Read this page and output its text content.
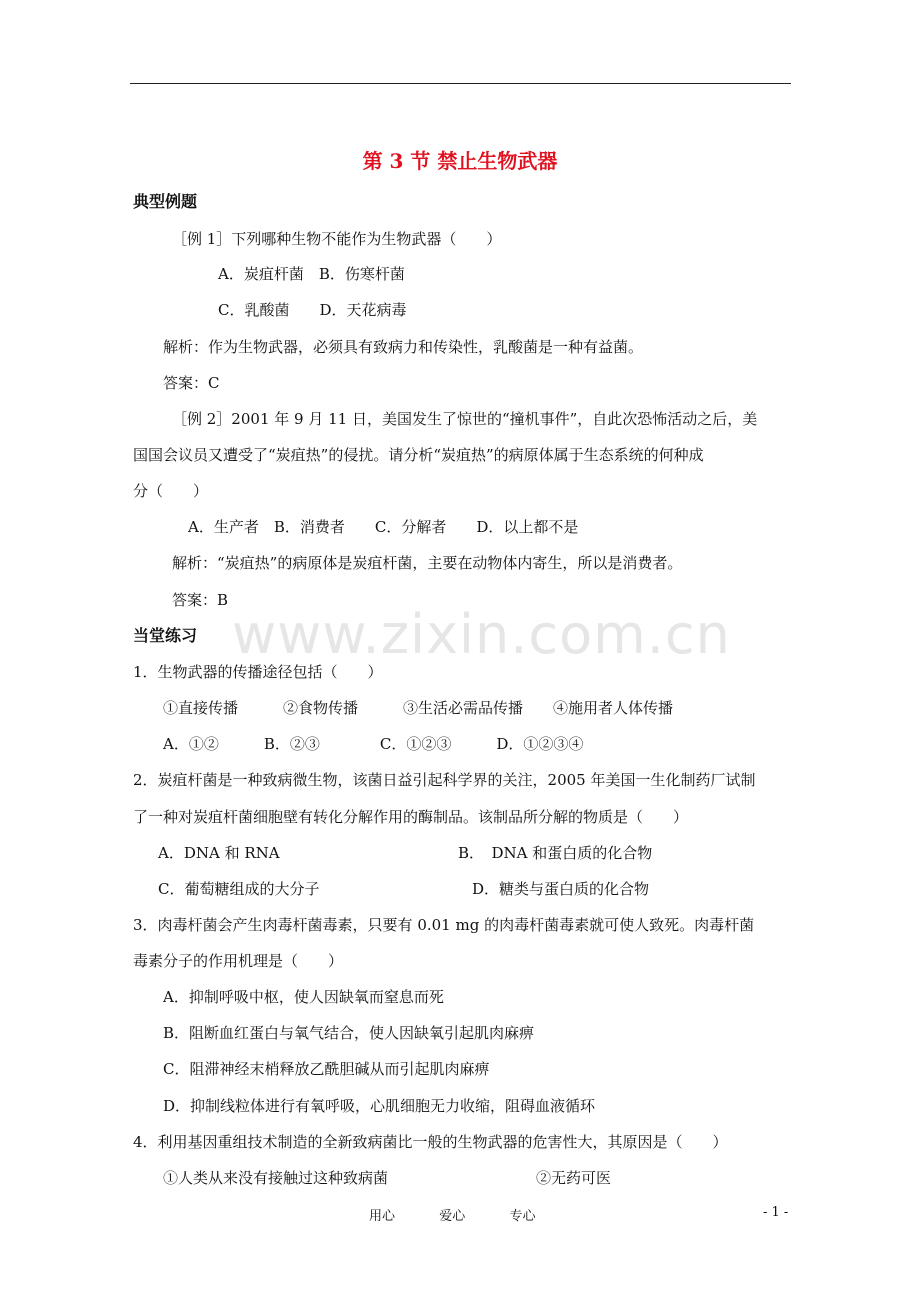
www.zixin.com.cn
第 3 节 禁止生物武器
典型例题
［例 1］下列哪种生物不能作为生物武器（　　）
A．炭疽杆菌　B．伤寒杆菌
C．乳酸菌　　D．天花病毒
解析：作为生物武器，必须具有致病力和传染性，乳酸菌是一种有益菌。
答案：C
［例 2］2001 年 9 月 11 日，美国发生了惊世的“撞机事件”，自此次恐怖活动之后，美
国国会议员又遭受了“炭疽热”的侵扰。请分析“炭疽热”的病原体属于生态系统的何种成
分（　　）
A．生产者　B．消费者　　C．分解者　　D．以上都不是
解析：“炭疽热”的病原体是炭疽杆菌，主要在动物体内寄生，所以是消费者。
答案：B
当堂练习
1．生物武器的传播途径包括（　　）
①直接传播　　　②食物传播　　　③生活必需品传播　　④施用者人体传播
A．①②　　　B．②③　　　　C．①②③　　　D．①②③④
2．炭疽杆菌是一种致病微生物，该菌日益引起科学界的关注，2005 年美国一生化制药厂试制
了一种对炭疽杆菌细胞壁有转化分解作用的酶制品。该制品所分解的物质是（　　）
A．DNA 和 RNA	B．　DNA 和蛋白质的化合物
C．葡萄糖组成的大分子	D．糖类与蛋白质的化合物
3．肉毒杆菌会产生肉毒杆菌毒素，只要有 0.01 mg 的肉毒杆菌毒素就可使人致死。肉毒杆菌
毒素分子的作用机理是（　　）
A．抑制呼吸中枢，使人因缺氧而窒息而死
B．阻断血红蛋白与氧气结合，使人因缺氧引起肌肉麻痹
C．阻滞神经末梢释放乙酰胆碱从而引起肌肉麻痹
D．抑制线粒体进行有氧呼吸，心肌细胞无力收缩，阻碍血液循环
4．利用基因重组技术制造的全新致病菌比一般的生物武器的危害性大，其原因是（　　）
①人类从来没有接触过这种致病菌	②无药可医
用心  爱心  专心	- 1 -
